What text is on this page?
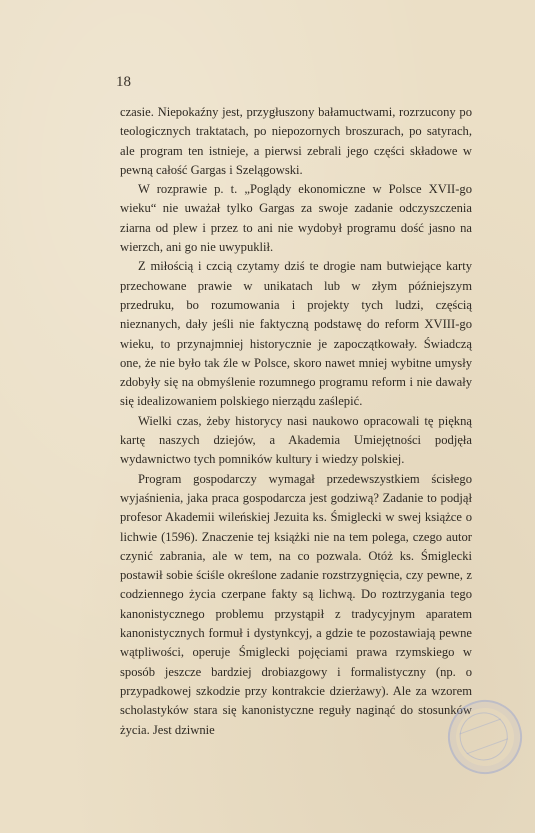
18

czasie. Niepokaźny jest, przygłuszony bałamuctwami, rozrzucony po teologicznych traktatach, po niepozornych broszurach, po satyrach, ale program ten istnieje, a pierwsi zebrali jego części składowe w pewną całość Gargas i Szelągowski.

W rozprawie p. t. „Poglądy ekonomiczne w Polsce XVII-go wieku“ nie uważał tylko Gargas za swoje zadanie odczyszczenia ziarna od plew i przez to ani nie wydobył programu dość jasno na wierzch, ani go nie uwypuklił.

Z miłością i czcią czytamy dziś te drogie nam butwiejące karty przechowane prawie w unikatach lub w złym późniejszym przedruku, bo rozumowania i projekty tych ludzi, częścią nieznanych, dały jeśli nie faktyczną podstawę do reform XVIII-go wieku, to przynajmniej historycznie je zapoczątkowały. Świadczą one, że nie było tak źle w Polsce, skoro nawet mniej wybitne umysły zdobyły się na obmyślenie rozumnego programu reform i nie dawały się idealizowaniem polskiego nierządu zaślepić.

Wielki czas, żeby historycy nasi naukowo opracowali tę piękną kartę naszych dziejów, a Akademia Umiejętności podjęła wydawnictwo tych pomników kultury i wiedzy polskiej.

Program gospodarczy wymagał przedewszystkiem ścisłego wyjaśnienia, jaka praca gospodarcza jest godziwą? Zadanie to podjął profesor Akademii wileńskiej Jezuita ks. Śmiglecki w swej książce o lichwie (1596). Znaczenie tej książki nie na tem polega, czego autor czynić zabrania, ale w tem, na co pozwala. Otóż ks. Śmiglecki postawił sobie ściśle określone zadanie rozstrzygnięcia, czy pewne, z codziennego życia czerpane fakty są lichwą. Do roztrzygania tego kanonistycznego problemu przystąpił z tradycyjnym aparatem kanonistycznych formuł i dystynkcyj, a gdzie te pozostawiają pewne wątpliwości, operuje Śmiglecki pojęciami prawa rzymskiego w sposób jeszcze bardziej drobiazgowy i formalistyczny (np. o przypadkowej szkodzie przy kontrakcie dzierżawy). Ale za wzorem scholastyków stara się kanonistyczne reguły naginąć do stosunków życia. Jest dziwnie
